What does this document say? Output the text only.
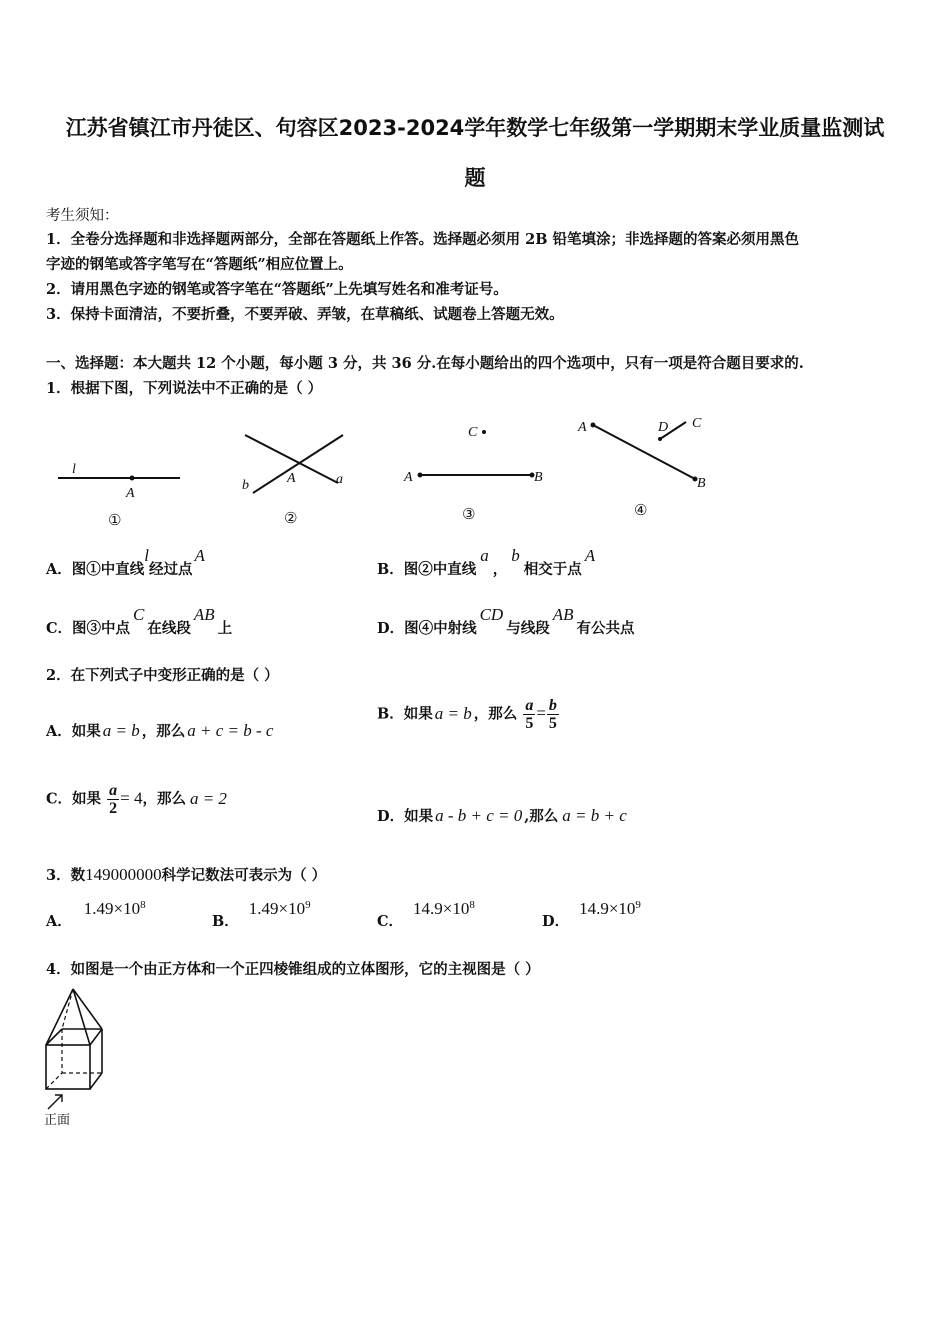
江苏省镇江市丹徒区、句容区2023-2024学年数学七年级第一学期期末学业质量监测试
题
考生须知：
1．全卷分选择题和非选择题两部分，全部在答题纸上作答。选择题必须用 2B 铅笔填涂；非选择题的答案必须用黑色
字迹的钢笔或答字笔写在“答题纸”相应位置上。
2．请用黑色字迹的钢笔或答字笔在“答题纸”上先填写姓名和准考证号。
3．保持卡面清洁，不要折叠，不要弄破、弄皱，在草稿纸、试题卷上答题无效。
一、选择题：本大题共 12 个小题，每小题 3 分，共 36 分.在每小题给出的四个选项中，只有一项是符合题目要求的.
1．根据下图，下列说法中不正确的是（ ）
l
A
①
b	A	a
②
C
A	B
③
A	D C
B
④
A．图①中直线l经过点A
B．图②中直线a，b相交于点A
C．图③中点C在线段AB上	D．图④中射线CD与线段AB有公共点
2．在下列式子中变形正确的是（ ）
A．如果 a = b ，那么 a + c = b - c
B．如果 a = b ，那么 $\frac{a}{5} = \frac{b}{5}$
C．如果 $\frac{a}{2} = 4$，那么 a = 2
D．如果 a - b + c = 0 ,那么 a = b + c
3．数149000000科学记数法可表示为（ ）
A．$1.49\times 10^8$
B．$1.49\times 10^9$
C．$14.9\times 10^8$
D．$14.9\times 10^9$
4．如图是一个由正方体和一个正四棱锥组成的立体图形，它的主视图是（ ）
正面
